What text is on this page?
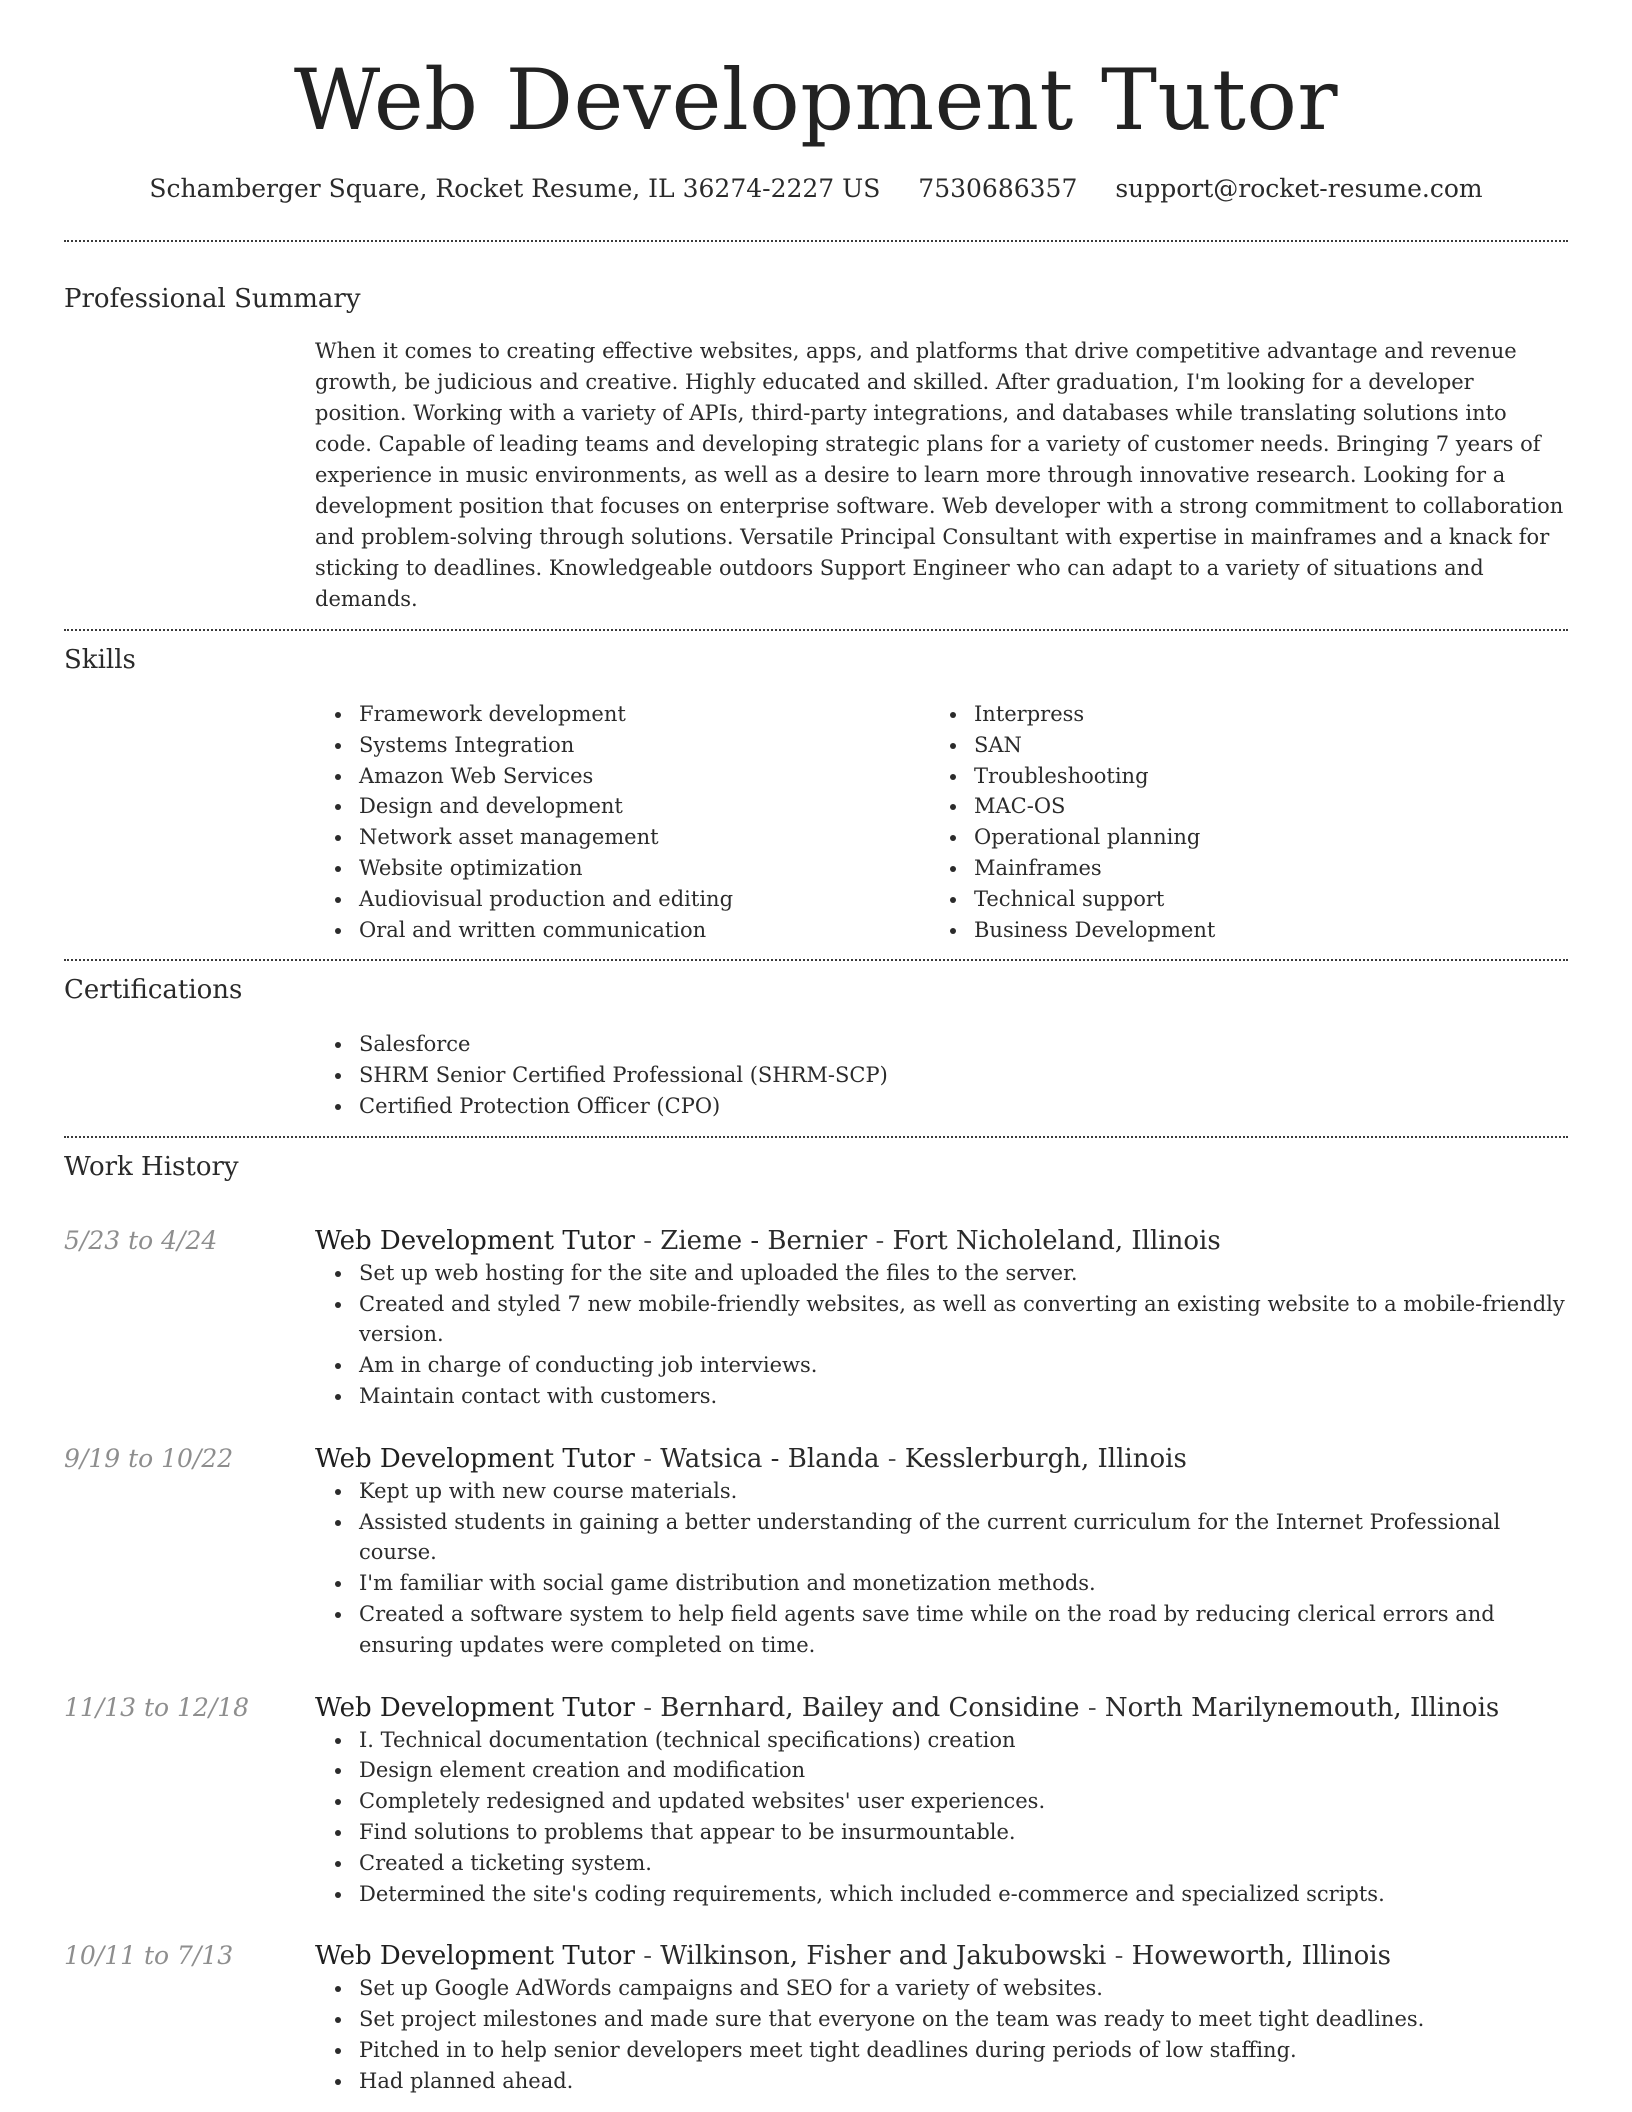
Web Development Tutor
Schamberger Square, Rocket Resume, IL 36274-2227 US 7530686357 support@rocket-resume.com
Professional Summary
When it comes to creating effective websites, apps, and platforms that drive competitive advantage and revenue growth, be judicious and creative. Highly educated and skilled. After graduation, I'm looking for a developer position. Working with a variety of APIs, third-party integrations, and databases while translating solutions into code. Capable of leading teams and developing strategic plans for a variety of customer needs. Bringing 7 years of experience in music environments, as well as a desire to learn more through innovative research. Looking for a development position that focuses on enterprise software. Web developer with a strong commitment to collaboration and problem-solving through solutions. Versatile Principal Consultant with expertise in mainframes and a knack for sticking to deadlines. Knowledgeable outdoors Support Engineer who can adapt to a variety of situations and demands.
Skills
Framework development
Systems Integration
Amazon Web Services
Design and development
Network asset management
Website optimization
Audiovisual production and editing
Oral and written communication
Interpress
SAN
Troubleshooting
MAC-OS
Operational planning
Mainframes
Technical support
Business Development
Certifications
Salesforce
SHRM Senior Certified Professional (SHRM-SCP)
Certified Protection Officer (CPO)
Work History
5/23 to 4/24	Web Development Tutor - Zieme - Bernier - Fort Nicholeland, Illinois
Set up web hosting for the site and uploaded the files to the server.
Created and styled 7 new mobile-friendly websites, as well as converting an existing website to a mobile-friendly version.
Am in charge of conducting job interviews.
Maintain contact with customers.
9/19 to 10/22	Web Development Tutor - Watsica - Blanda - Kesslerburgh, Illinois
Kept up with new course materials.
Assisted students in gaining a better understanding of the current curriculum for the Internet Professional course.
I'm familiar with social game distribution and monetization methods.
Created a software system to help field agents save time while on the road by reducing clerical errors and ensuring updates were completed on time.
11/13 to 12/18	Web Development Tutor - Bernhard, Bailey and Considine - North Marilynemouth, Illinois
I. Technical documentation (technical specifications) creation
Design element creation and modification
Completely redesigned and updated websites' user experiences.
Find solutions to problems that appear to be insurmountable.
Created a ticketing system.
Determined the site's coding requirements, which included e-commerce and specialized scripts.
10/11 to 7/13	Web Development Tutor - Wilkinson, Fisher and Jakubowski - Howeworth, Illinois
Set up Google AdWords campaigns and SEO for a variety of websites.
Set project milestones and made sure that everyone on the team was ready to meet tight deadlines.
Pitched in to help senior developers meet tight deadlines during periods of low staffing.
Had planned ahead.
